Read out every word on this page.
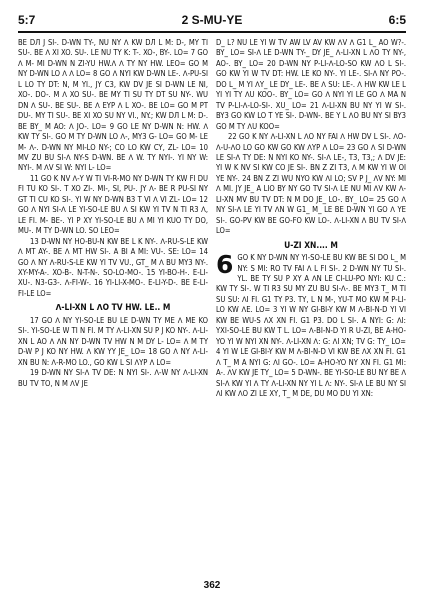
5:7	2 S-MU-YE	6:5

BE DЛ J SI-. D-WN TY-, NU NY ꓥ KW DЛ L M: D-, MY TI SU-. BE ꓥ XI XO. SU-. LE NU TY K: T-. XO-, BY-. LO= 7 GO ꓥ M- MI D-WN N ZI-YU HW.ꓥ ꓥ TY NY HW. LEO= GO M NY D-WN LO ꓥ ꓥ LO= 8 GO ꓥ NYI KW D-WN LE-. ꓥ-PU-SI L LO TY DT: N, M YI., JY C3, KW DV JE SI D-WN LE NI, XO-. DO-. M ꓥ XO SU-. BE MY TI SU TY DT SU NY-. WU DN ꓥ SU-. BE SU-. BE ꓥ EYP ꓥ L XO-. BE LO= GO M PT DU-. MY TI SU-. BE XI XO SU NY VI., NY.; KW DЛ L M: D-. BE BY_ M AO: ꓥ JO-. LO= 9 GO LE NY D-WN N: HW. ꓥ KW TY SI-. GO M TY D-WN LO ꓥ-, MY3 G- LO= GO M- LE M- ꓥ-. D-WN NY MI-LO NY-; CO LO KW CY, ZL- LO= 10 MV ZU BU SI-ꓥ NY-S D-WN. BE ꓥ W. TY NYI-. YI NY W: NYI-. M ꓥV SI W: NYI L- LO=

11 GO K NV ꓥ-Y W TI VI-R-MO NY D-WN TY KW FI DU FI TU KO SI-. T XO ZI-. MI-, SI, PU-. JY ꓥ- BE R PU-SI NY GT TI CU KO SI-. YI W NY D-WN B3 T VI ꓥ VI ZL- LO= 12 GO ꓥ NYI SI-ꓥ LE YI-SO-LE BU ꓥ SI KW YI TV N TI R3 ꓥ, LE FI. M- BE-. YI P XY YI-SO-LE BU ꓥ MI YI KUO TY DO, MU-. M TY D-WN LO. SO LEO=

13 D-WN NY HO-BU-N KW BE L K NY-. ꓥ-RU-S-LE KW ꓥ MT AY-. BE ꓥ MT HW SI-. A BI A MI: VU-. SE: LO= 14 GO ꓥ NY ꓥ-RU-S-LE KW YI TV VU., GT_ M ꓥ BU MY3 NY-. XY-MY-A-. XO-B-. N-T-N-. SO-LO-MO-. 15 YI-BO-H-. E-LI-XU-. N3-G3-. ꓥ-FI-W-. 16 YI-LI-X-MO-. E-LI-Y-D-. BE E-LI-FI-LE LO=

ꓥ-LI-XN L ꓥO TV HW. LE.. M

17 GO ꓥ NY YI-SO-LE BU LE D-WN TY ME ꓥ ME KO SI-. YI-SO-LE W TI N FI. M TY ꓥ-LI-XN SU P J KO NY-. ꓥ-LI-XN L AO ꓥ ꓥN NY D-WN TV HW N M DY L- LO= ꓥ M TY D-W P J KO NY HW. ꓥ KW YY JE_ LO= 18 GO ꓥ NY ꓥ-LI-XN BU N: ꓥ-R-MO LO., GO KW L SI ꓥYP ꓥ LO=

19 D-WN NY SI-ꓥ TV DE: N NYI SI-. ꓥ-W NY ꓥ-LI-XN BU TV TO, N M ꓥV JE

D_ L? NU LE YI W TV AW LV AV KW ꓥV ꓥ G1 L_ AO W?-. BY_ LO= SI-ꓥ LE D-WN TY-_ DY JE_ ꓥ-LI-XN L ꓥO TY NY-, AO-. BY_ LO= 20 D-WN NY P-LI-ꓥ-LO-SO KW ꓥO L SI-. GO KW YI W TV DT: HW. LE KO NY-. YI LE-. SI-ꓥ NY PO-. DO L_ M YI ꓥY_ LE DY_ LE-. BE ꓥ SU: LE-. ꓥ HW KW LE L YI YI TY ꓥU KOO-. BY_ LO= GO ꓥ NYI YI LE GO ꓥ MA N TV P-LI-ꓥ-LO-SI-. XU_ LO= 21 ꓥ-LI-XN BU NY YI W SI-. BY3 GO KW LO T YE SI-. D-WN-. BE Y L ꓥO BU NY SI BY3 GO M TY ꓥU KOO=

22 GO K NY ꓥ-LI-XN L ꓥO NY FAI ꓥ HW DV L SI-. ꓥO-ꓥ-U-ꓥO LO GO KW GO KW ꓥYP ꓥ LO= 23 GO ꓥ SI D-WN LE SI-ꓥ TY DE: N NYI KO NY-. SI-ꓥ LE-, T3, T3,; ꓥ DV JE: YI W K NV SI KW CO JE SI-. BN Z ZI T3, ꓥ M KW YI W OI YE NY-. 24 BN Z ZI WU NYO KW ꓥI LO; SV P J_ ꓥV NY: MI ꓥ MI. JY JE_ A LIO BY NY GO TV SI-ꓥ LE NU MI ꓥV KW ꓥ-LI-XN MV BU TV DT: N M DO JE_ LO-. BY_ LO= 25 GO ꓥ NY SI-ꓥ LE YI TV ꓥN W G1_ M_ LE BE D-WN YI GO ꓥ YE SI-. GO-PV KW BE GO-FO KW LO-. ꓥ-LI-XN ꓥ BU TV SI-ꓥ LO=

U-ZI XN.... M

6 GO K NY D-WN NY YI-SO-LE BU KW BE SI DO L_ M NY: S MI: RO TV FAI ꓥ L FI SI-. 2 D-WN NY TU SI-. YL. BE TY SU P XY A ꓥN LE CI-LU-PO NYI: KU C.: KW TY SI-. W TI R3 SU MY ZU BU SI-ꓥ-. BE MY3 T_ M TI SU SU: ꓥI FI. G1 TY P3. TY, L N M-, YU-T MO KW M P-LI-LO KW ꓥE. LO= 3 YI W NY GI-BI-Y KW M ꓥ-BI-N-D YI VI KW BE WU-S ꓥX XN FI. G1 P3. DO L SI-. A NYI: G: ꓥI: YXI-SO-LE BU KW T L. LO= ꓥ-BI-N-D YI R U-ZI, BE A-HO-YO YI W NYI XN NY-. ꓥ-LI-XN ꓥ: G: ꓥI XN; TV G: TY_ LO= 4 YI W LE GI-BI-Y KW M ꓥ-BI-N-D VI KW BE ꓥX XN FI. G1 ꓥ T_ M A NYI G: ꓥI GO-. LO= A-HO-YO NY XN FI. G1 MI: A-. ꓥV KW JE TY_ LO= 5 D-WN-. BE YI-SO-LE BU NY BE ꓥ SI-ꓥ KW YI ꓥ TY ꓥ-LI-XN NY YI L ꓥ: NY-. SI-ꓥ LE BU NY SI ꓥI KW ꓥO ZI LE XY, T_ M DE, DU MO DU YI XN:

362
